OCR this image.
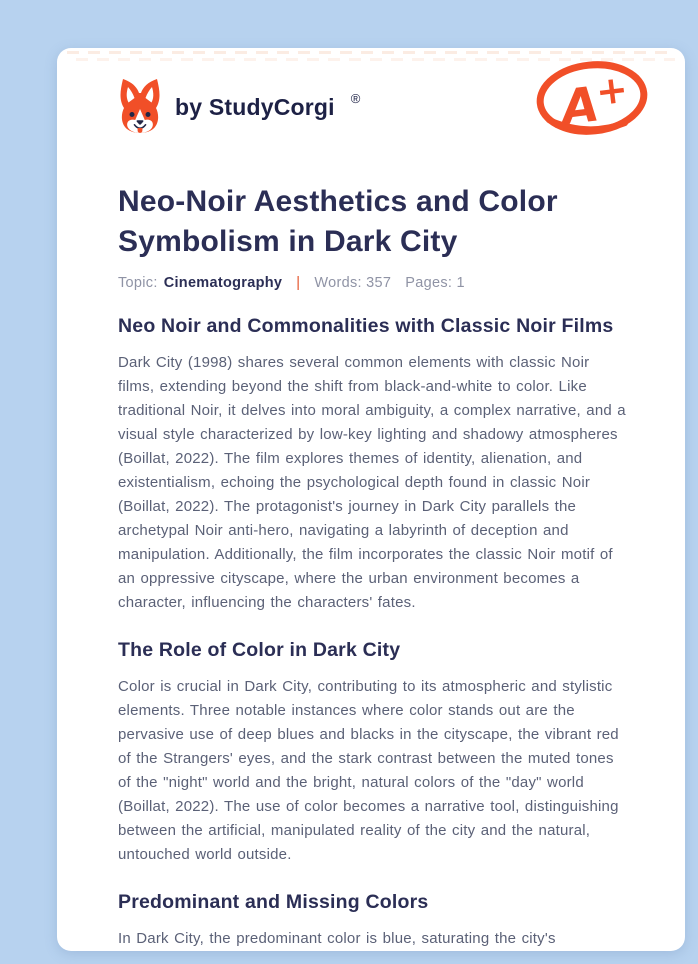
by StudyCorgi ®	A
+
Neo-Noir Aesthetics and Color Symbolism in Dark City
Topic: Cinematography | Words: 357 Pages: 1
Neo Noir and Commonalities with Classic Noir Films

Dark City (1998) shares several common elements with classic Noir films, extending beyond the shift from black-and-white to color. Like traditional Noir, it delves into moral ambiguity, a complex narrative, and a visual style characterized by low-key lighting and shadowy atmospheres (Boillat, 2022). The film explores themes of identity, alienation, and existentialism, echoing the psychological depth found in classic Noir (Boillat, 2022). The protagonist's journey in Dark City parallels the archetypal Noir anti-hero, navigating a labyrinth of deception and manipulation. Additionally, the film incorporates the classic Noir motif of an oppressive cityscape, where the urban environment becomes a character, influencing the characters' fates.

The Role of Color in Dark City

Color is crucial in Dark City, contributing to its atmospheric and stylistic elements. Three notable instances where color stands out are the pervasive use of deep blues and blacks in the cityscape, the vibrant red of the Strangers' eyes, and the stark contrast between the muted tones of the "night" world and the bright, natural colors of the "day" world (Boillat, 2022). The use of color becomes a narrative tool, distinguishing between the artificial, manipulated reality of the city and the natural, untouched world outside.

Predominant and Missing Colors

In Dark City, the predominant color is blue, saturating the city's
